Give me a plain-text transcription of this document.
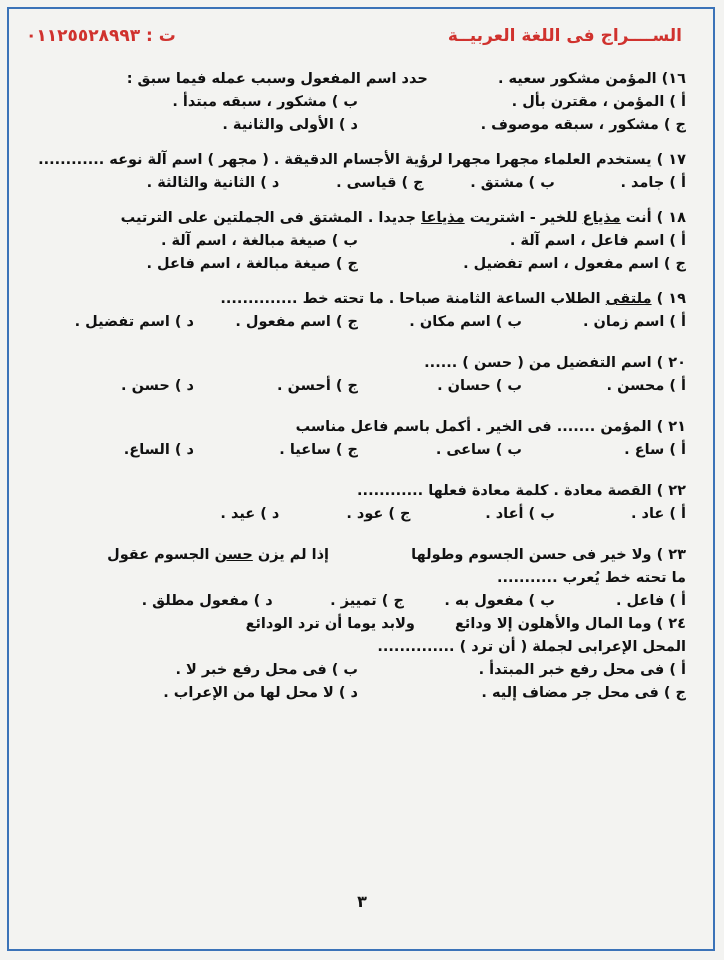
الســــراج فى اللغة العربيــة
ت : ٠١١٢٥٥٢٨٩٩٣
١٦) المؤمن مشكور سعيه .  حدد اسم المفعول وسبب عمله فيما سبق :
أ ) المؤمن ، مقترن بأل .
ب ) مشكور ، سبقه مبتدأ .
ج ) مشكور ، سبقه موصوف .
د ) الأولى والثانية .
١٧ ) يستخدم العلماء مجهرا مجهرا لرؤية الأجسام الدقيقة . ( مجهر ) اسم آلة نوعه ............
أ ) جامد .
ب ) مشتق .
ج ) قياسى .
د ) الثانية والثالثة .
١٨ ) أنت مذياع للخير - اشتريت مذياعا جديدا . المشتق فى الجملتين على الترتيب
أ ) اسم فاعل ، اسم آلة .
ب ) صيغة مبالغة ، اسم آلة .
ج ) اسم مفعول ، اسم تفضيل .
ج ) صيغة مبالغة ، اسم فاعل .
١٩ ) ملتقى الطلاب الساعة الثامنة صباحا . ما تحته خط ..............
أ ) اسم زمان .
ب ) اسم مكان .
ج ) اسم مفعول .
د ) اسم تفضيل .
٢٠ ) اسم التفضيل من ( حسن ) ......
أ ) محسن .
ب ) حسان .
ج ) أحسن .
د ) حسن .
٢١ ) المؤمن ....... فى الخير . أكمل باسم فاعل مناسب
أ ) ساع .
ب ) ساعى .
ج ) ساعيا .
د ) الساع.
٢٢ ) القصة معادة . كلمة معادة فعلها ............
أ ) عاد .
ب ) أعاد .
ج ) عود .
د ) عيد .
٢٣ ) ولا خير فى حسن الجسوم وطولها  إذا لم يزن حسن الجسوم عقول
ما تحته خط يُعرب ...........
أ ) فاعل .
ب ) مفعول به .
ج ) تمييز .
د ) مفعول مطلق .
٢٤ ) وما المال والأهلون إلا ودائع  ولابد يوما أن ترد الودائع
المحل الإعرابى لجملة ( أن ترد ) ..............
أ ) فى محل رفع خبر المبتدأ .
ب ) فى محل رفع خبر لا .
ج ) فى محل جر مضاف إليه .
د ) لا محل لها من الإعراب .
٣
